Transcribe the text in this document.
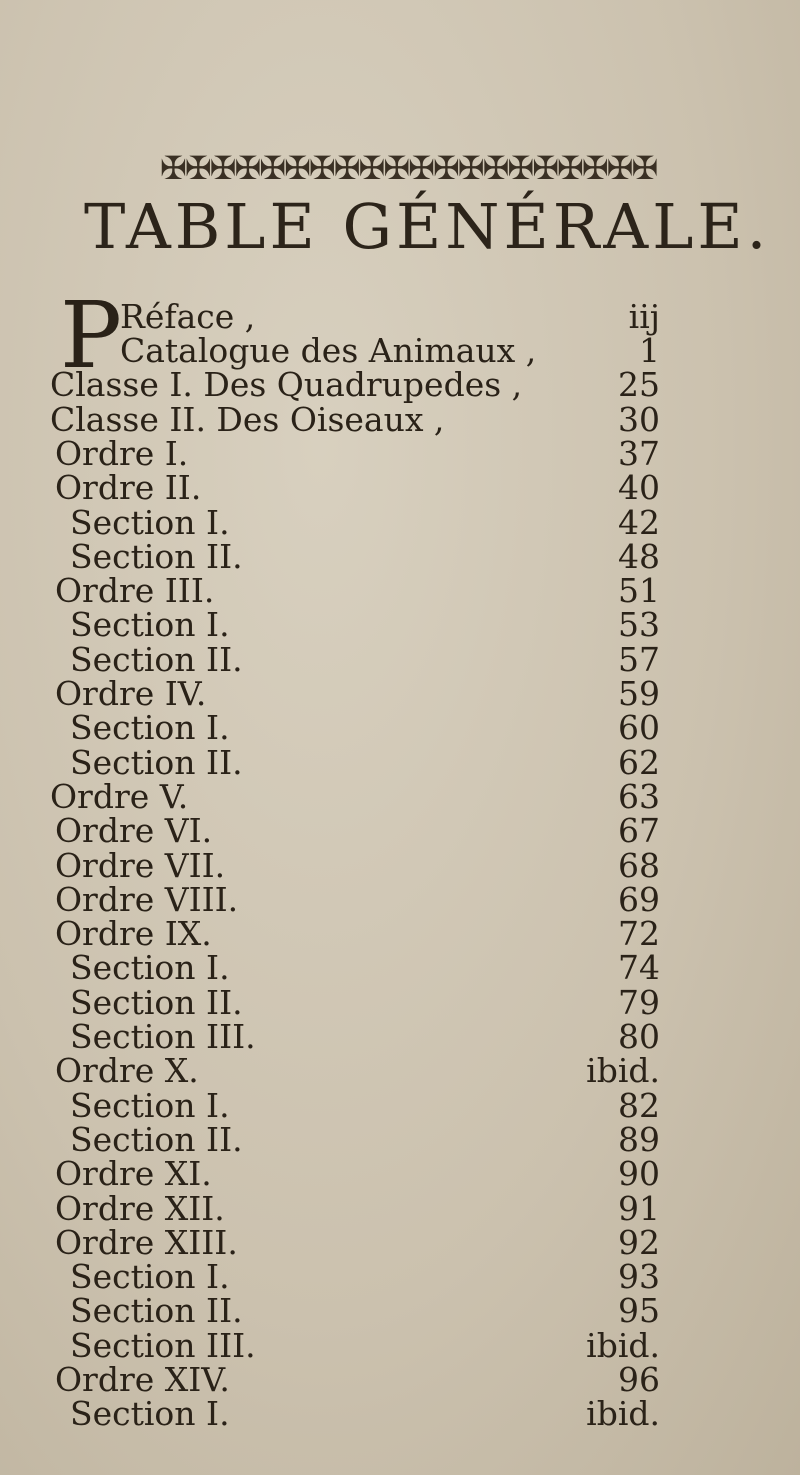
✠✠✠✠✠✠✠✠✠✠✠✠✠✠✠✠✠✠✠✠
TABLE GÉNÉRALE.
P
Réface ,	iij
Catalogue des Animaux ,	1
Classe I. Des Quadrupedes ,	25
Classe II. Des Oiseaux ,	30
Ordre I.	37
Ordre II.	40
Section I.	42
Section II.	48
Ordre III.	51
Section I.	53
Section II.	57
Ordre IV.	59
Section I.	60
Section II.	62
Ordre V.	63
Ordre VI.	67
Ordre VII.	68
Ordre VIII.	69
Ordre IX.	72
Section I.	74
Section II.	79
Section III.	80
Ordre X.	ibid.
Section I.	82
Section II.	89
Ordre XI.	90
Ordre XII.	91
Ordre XIII.	92
Section I.	93
Section II.	95
Section III.	ibid.
Ordre XIV.	96
Section I.	ibid.
